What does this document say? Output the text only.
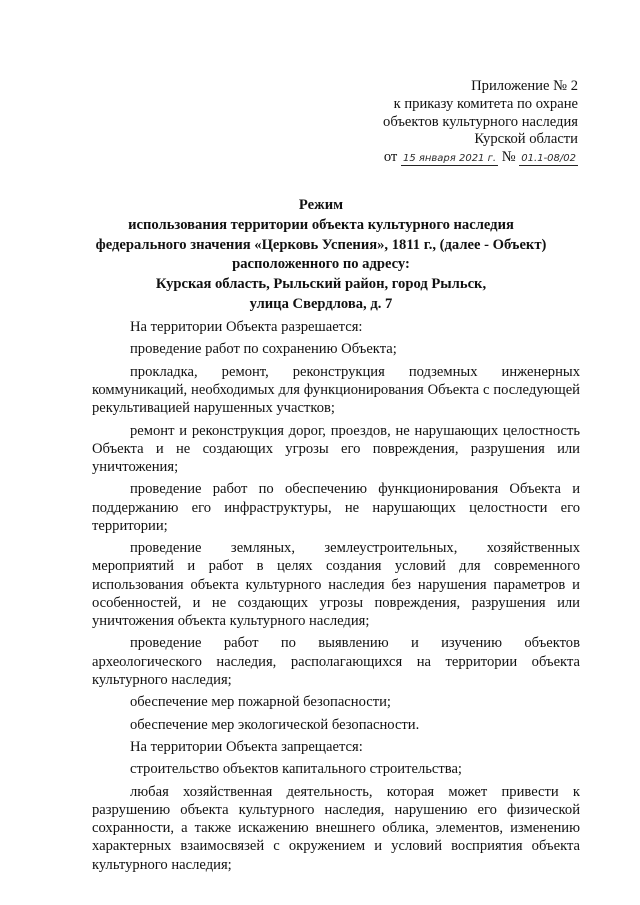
Приложение № 2
к приказу комитета по охране
объектов культурного наследия
Курской области
от 15 января 2021 г. № 01.1-08/02
Режим
использования территории объекта культурного наследия
федерального значения «Церковь Успения», 1811 г., (далее - Объект)
расположенного по адресу:
Курская область, Рыльский район, город Рыльск,
улица Свердлова, д. 7

На территории Объекта разрешается:

проведение работ по сохранению Объекта;

прокладка, ремонт, реконструкция подземных инженерных коммуникаций, необходимых для функционирования Объекта с последующей рекультивацией нарушенных участков;

ремонт и реконструкция дорог, проездов, не нарушающих целостность Объекта и не создающих угрозы его повреждения, разрушения или уничтожения;

проведение работ по обеспечению функционирования Объекта и поддержанию его инфраструктуры, не нарушающих целостности его территории;

проведение земляных, землеустроительных, хозяйственных мероприятий и работ в целях создания условий для современного использования объекта культурного наследия без нарушения параметров и особенностей, и не создающих угрозы повреждения, разрушения или уничтожения объекта культурного наследия;

проведение работ по выявлению и изучению объектов археологического наследия, располагающихся на территории объекта культурного наследия;

обеспечение мер пожарной безопасности;

обеспечение мер экологической безопасности.

На территории Объекта запрещается:

строительство объектов капитального строительства;

любая хозяйственная деятельность, которая может привести к разрушению объекта культурного наследия, нарушению его физической сохранности, а также искажению внешнего облика, элементов, изменению характерных взаимосвязей с окружением и условий восприятия объекта культурного наследия;
